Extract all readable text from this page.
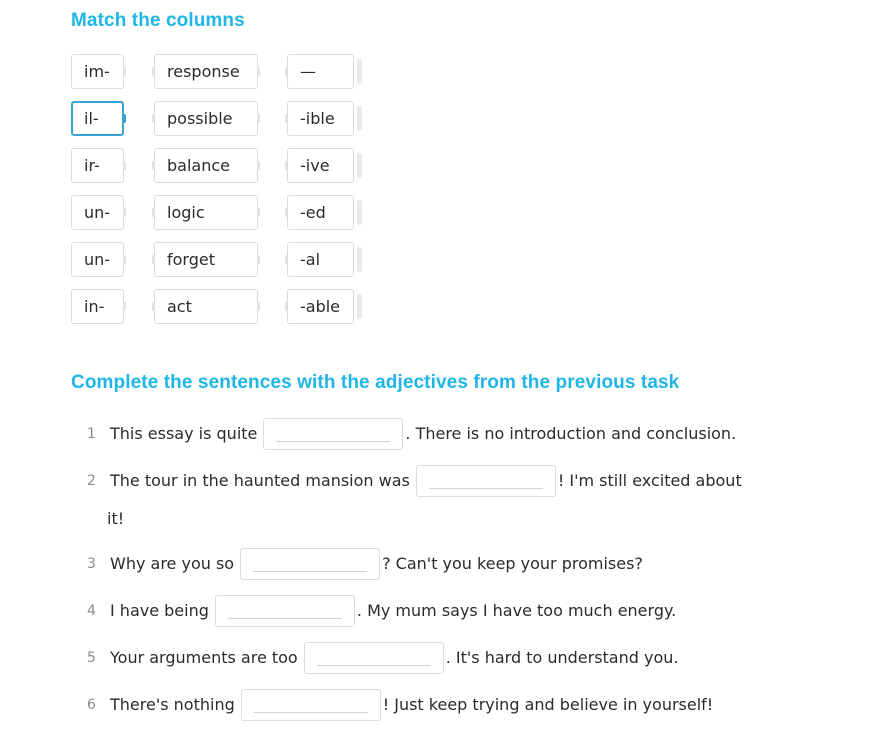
Match the columns
im-	response	—
il-	possible	-ible
ir-	balance	-ive
un-	logic	-ed
un-	forget	-al
in-	act	-able
Complete the sentences with the adjectives from the previous task
1 This essay is quite	. There is no introduction and conclusion.
2 The tour in the haunted mansion was	! I'm still excited about
it!
3 Why are you so	? Can't you keep your promises?
4 I have being	. My mum says I have too much energy.
5 Your arguments are too	. It's hard to understand you.
6 There's nothing	! Just keep trying and believe in yourself!
